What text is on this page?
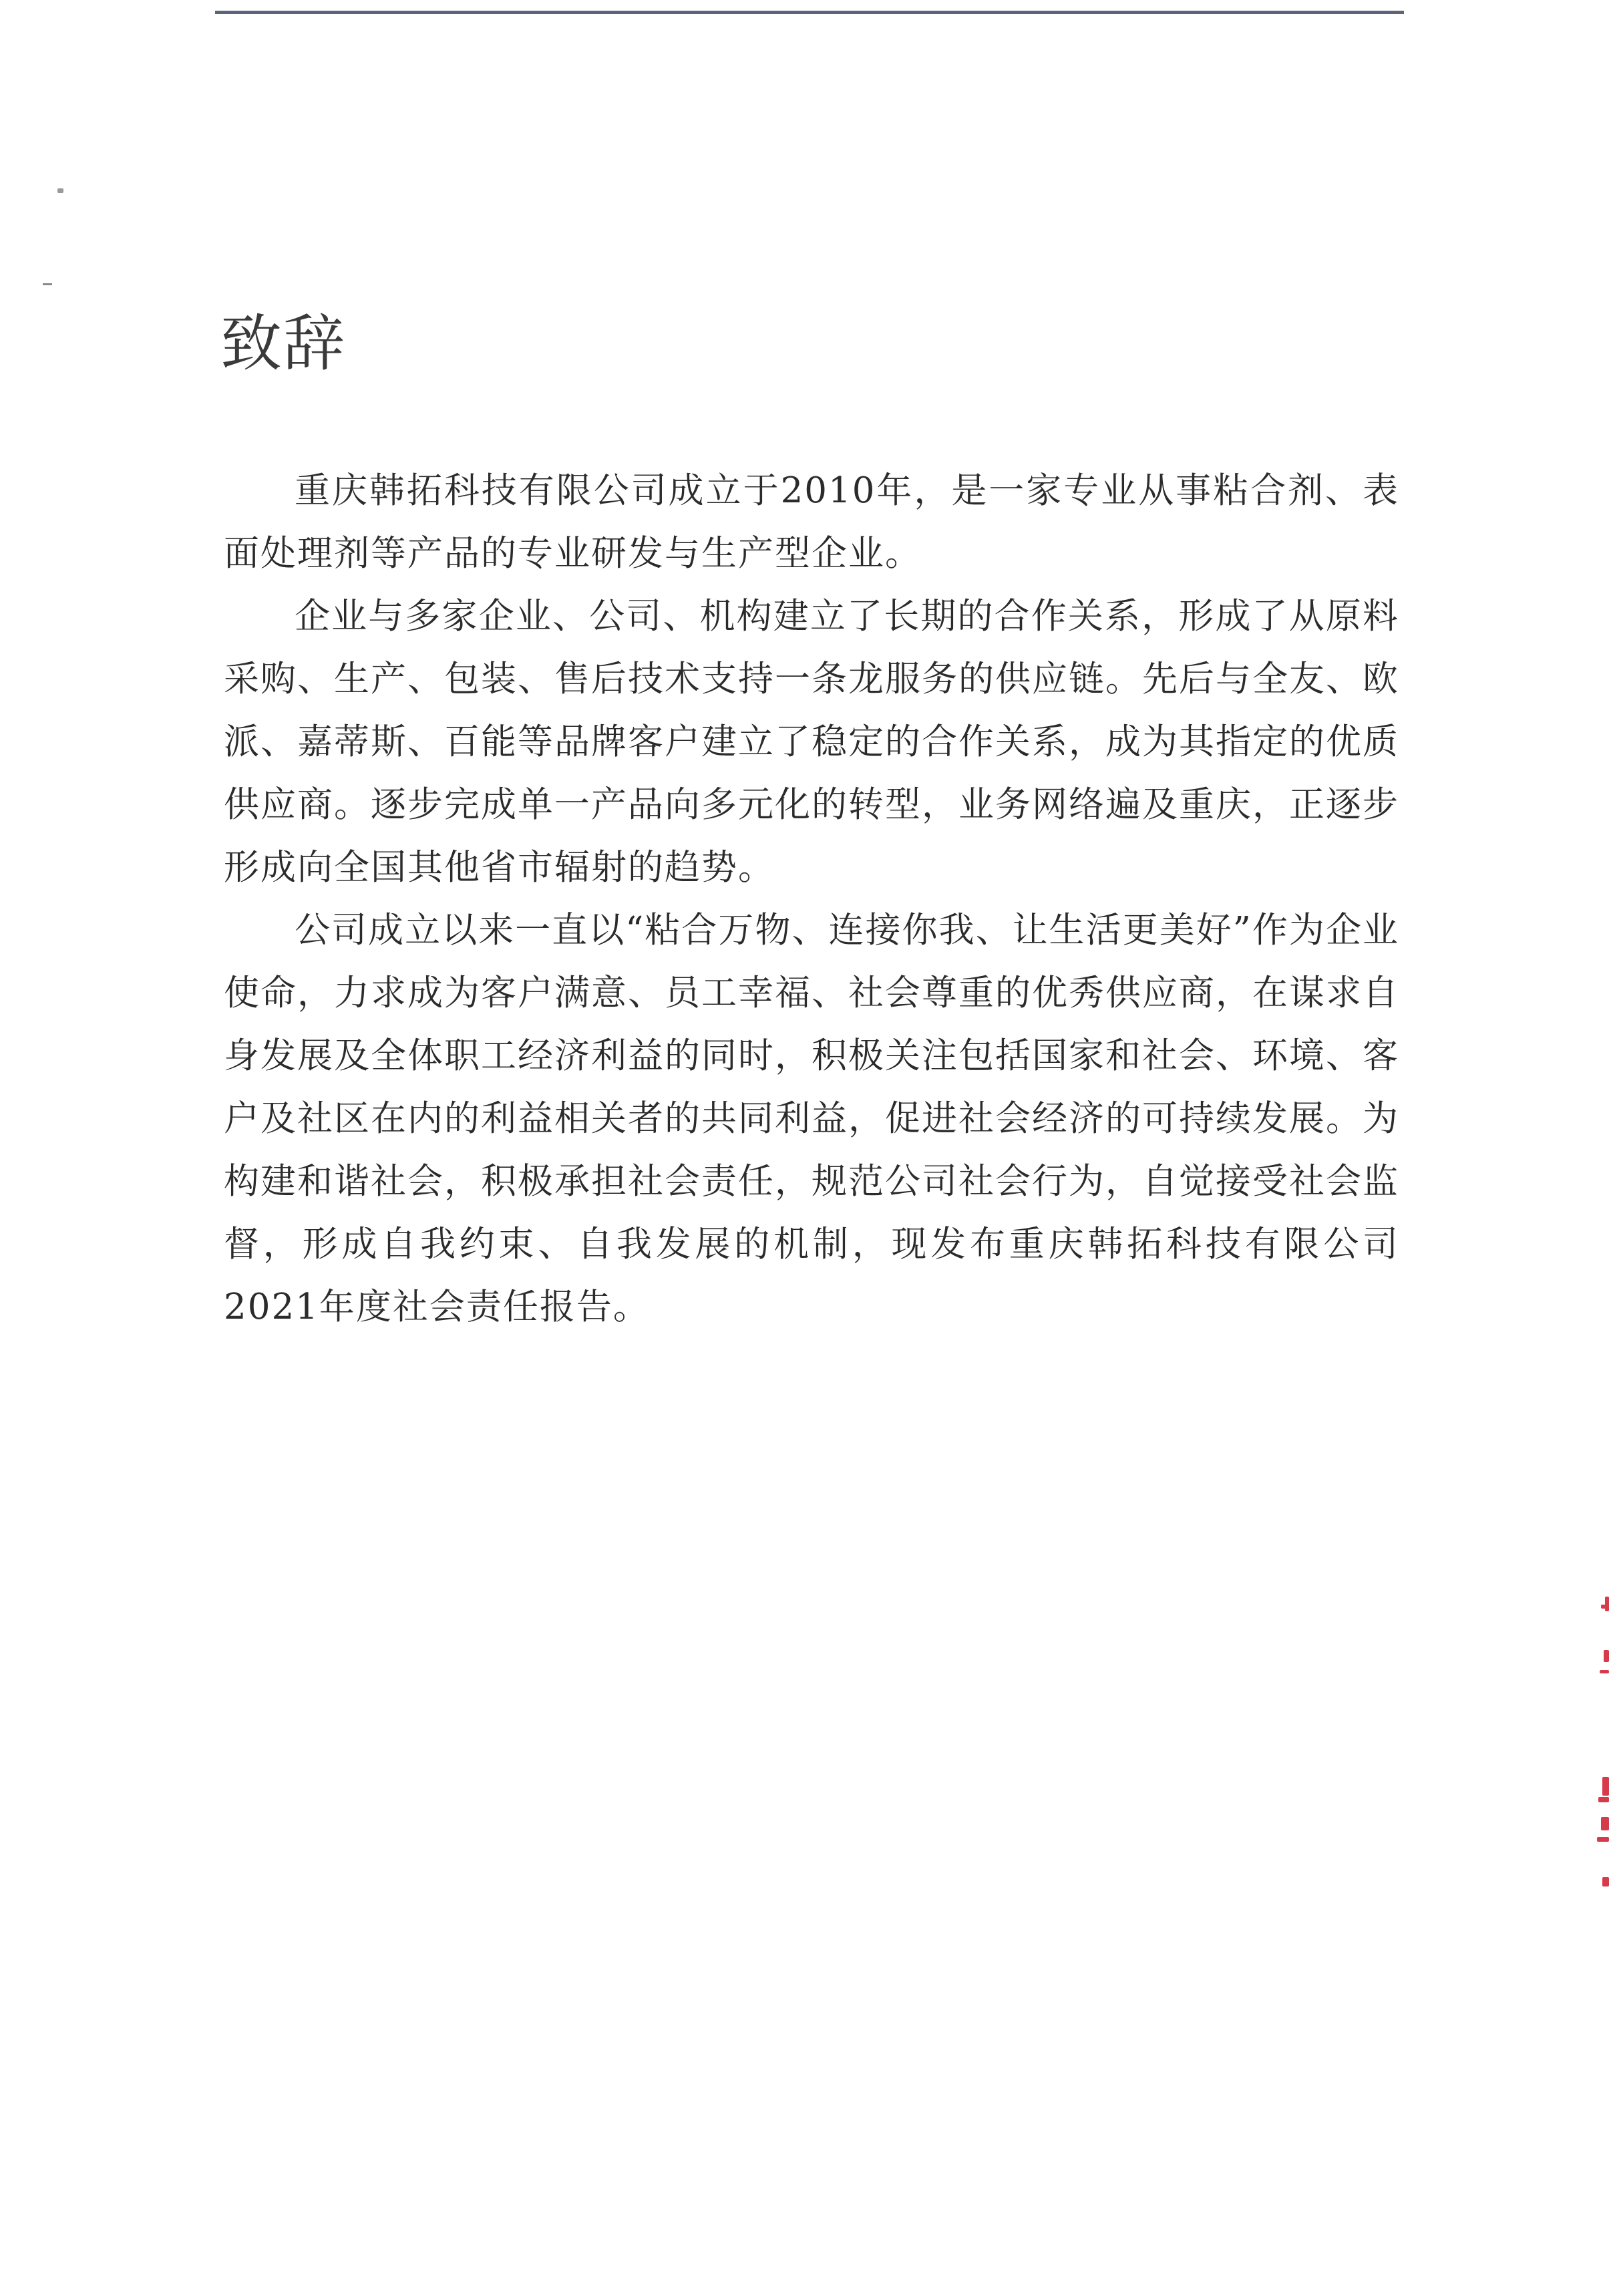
致辞

重庆韩拓科技有限公司成立于2010年，是一家专业从事粘合剂、表面处理剂等产品的专业研发与生产型企业。

企业与多家企业、公司、机构建立了长期的合作关系，形成了从原料采购、生产、包装、售后技术支持一条龙服务的供应链。先后与全友、欧派、嘉蒂斯、百能等品牌客户建立了稳定的合作关系，成为其指定的优质供应商。逐步完成单一产品向多元化的转型，业务网络遍及重庆，正逐步形成向全国其他省市辐射的趋势。

公司成立以来一直以“粘合万物、连接你我、让生活更美好”作为企业使命，力求成为客户满意、员工幸福、社会尊重的优秀供应商，在谋求自身发展及全体职工经济利益的同时，积极关注包括国家和社会、环境、客户及社区在内的利益相关者的共同利益，促进社会经济的可持续发展。为构建和谐社会，积极承担社会责任，规范公司社会行为，自觉接受社会监督，形成自我约束、自我发展的机制，现发布重庆韩拓科技有限公司2021年度社会责任报告。
